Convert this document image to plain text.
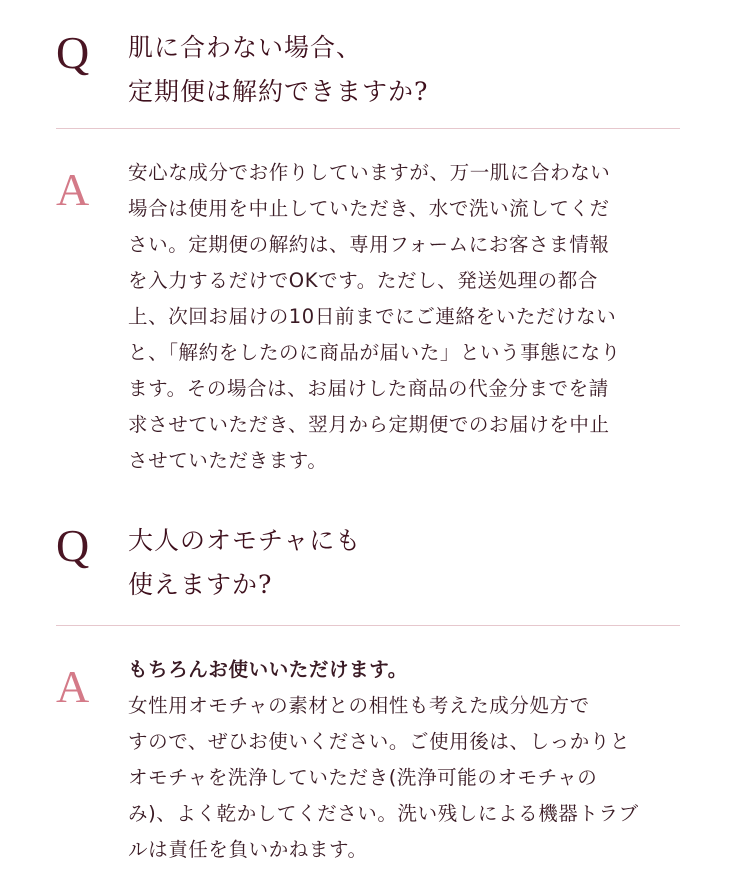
Q	肌に合わない場合、
定期便は解約できますか?
A	安心な成分でお作りしていますが、万一肌に合わない
場合は使用を中止していただき、水で洗い流してくだ
さい。定期便の解約は、専用フォームにお客さま情報
を入力するだけでOKです。ただし、発送処理の都合
上、次回お届けの10日前までにご連絡をいただけない
と、「解約をしたのに商品が届いた」という事態になり
ます。その場合は、お届けした商品の代金分までを請
求させていただき、翌月から定期便でのお届けを中止
させていただきます。
Q	大人のオモチャにも
使えますか?
A	もちろんお使いいただけます。
女性用オモチャの素材との相性も考えた成分処方で
すので、ぜひお使いください。ご使用後は、しっかりと
オモチャを洗浄していただき(洗浄可能のオモチャの
み)、よく乾かしてください。洗い残しによる機器トラブ
ルは責任を負いかねます。
